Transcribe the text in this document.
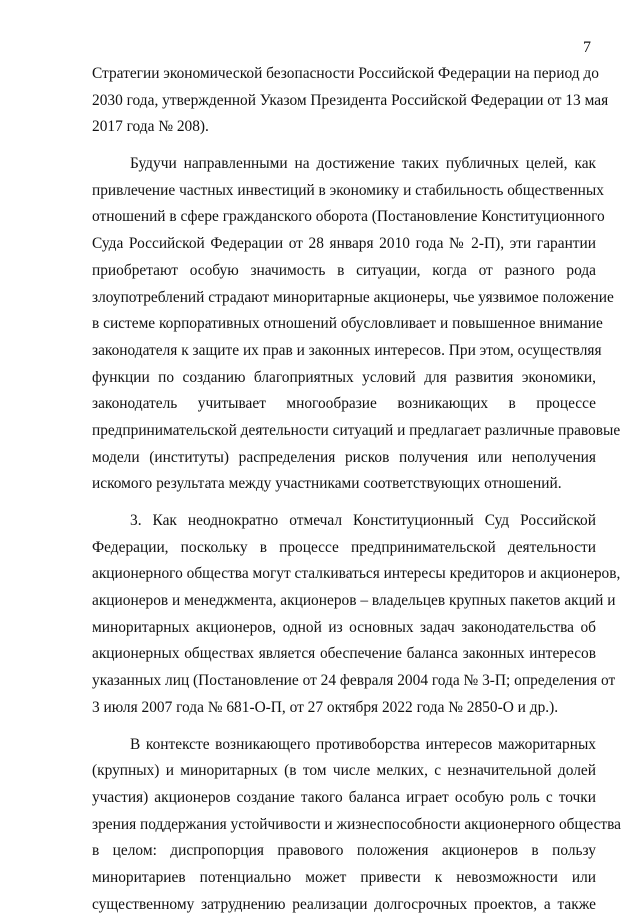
7
Стратегии экономической безопасности Российской Федерации на период до
2030 года, утвержденной Указом Президента Российской Федерации от 13 мая
2017 года № 208).
Будучи направленными на достижение таких публичных целей, как
привлечение частных инвестиций в экономику и стабильность общественных
отношений в сфере гражданского оборота (Постановление Конституционного
Суда Российской Федерации от 28 января 2010 года № 2-П), эти гарантии
приобретают особую значимость в ситуации, когда от разного рода
злоупотреблений страдают миноритарные акционеры, чье уязвимое положение
в системе корпоративных отношений обусловливает и повышенное внимание
законодателя к защите их прав и законных интересов. При этом, осуществляя
функции по созданию благоприятных условий для развития экономики,
законодатель учитывает многообразие возникающих в процессе
предпринимательской деятельности ситуаций и предлагает различные правовые
модели (институты) распределения рисков получения или неполучения
искомого результата между участниками соответствующих отношений.
3. Как неоднократно отмечал Конституционный Суд Российской
Федерации, поскольку в процессе предпринимательской деятельности
акционерного общества могут сталкиваться интересы кредиторов и акционеров,
акционеров и менеджмента, акционеров – владельцев крупных пакетов акций и
миноритарных акционеров, одной из основных задач законодательства об
акционерных обществах является обеспечение баланса законных интересов
указанных лиц (Постановление от 24 февраля 2004 года № 3-П; определения от
3 июля 2007 года № 681-О-П, от 27 октября 2022 года № 2850-О и др.).
В контексте возникающего противоборства интересов мажоритарных
(крупных) и миноритарных (в том числе мелких, с незначительной долей
участия) акционеров создание такого баланса играет особую роль с точки
зрения поддержания устойчивости и жизнеспособности акционерного общества
в целом: диспропорция правового положения акционеров в пользу
миноритариев потенциально может привести к невозможности или
существенному затруднению реализации долгосрочных проектов, а также
